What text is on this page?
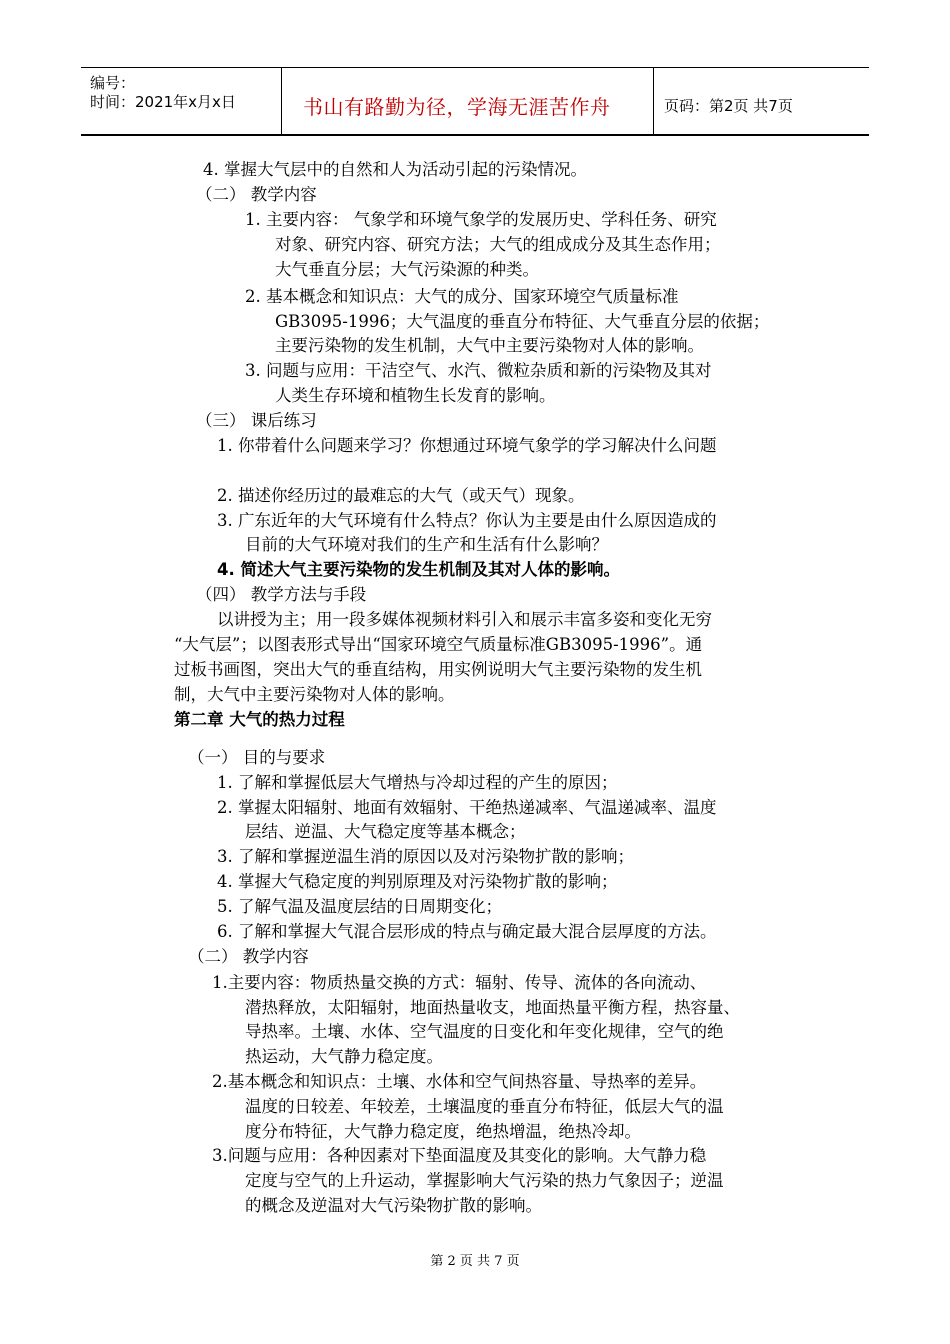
编号：
时间：2021年x月x日	书山有路勤为径，学海无涯苦作舟	页码：第2页 共7页
4. 掌握大气层中的自然和人为活动引起的污染情况。
（二） 教学内容
1. 主要内容： 气象学和环境气象学的发展历史、学科任务、研究
对象、研究内容、研究方法；大气的组成成分及其生态作用；
大气垂直分层；大气污染源的种类。
2. 基本概念和知识点：大气的成分、国家环境空气质量标准
GB3095-1996；大气温度的垂直分布特征、大气垂直分层的依据；
主要污染物的发生机制，大气中主要污染物对人体的影响。
3. 问题与应用：干洁空气、水汽、微粒杂质和新的污染物及其对
人类生存环境和植物生长发育的影响。
（三） 课后练习
1. 你带着什么问题来学习？你想通过环境气象学的学习解决什么问题
2. 描述你经历过的最难忘的大气（或天气）现象。
3. 广东近年的大气环境有什么特点？你认为主要是由什么原因造成的
目前的大气环境对我们的生产和生活有什么影响？
4. 简述大气主要污染物的发生机制及其对人体的影响。
（四） 教学方法与手段
以讲授为主；用一段多媒体视频材料引入和展示丰富多姿和变化无穷
“大气层”；以图表形式导出“国家环境空气质量标准GB3095-1996”。通
过板书画图，突出大气的垂直结构，用实例说明大气主要污染物的发生机
制，大气中主要污染物对人体的影响。
第二章 大气的热力过程
（一） 目的与要求
1. 了解和掌握低层大气增热与冷却过程的产生的原因；
2. 掌握太阳辐射、地面有效辐射、干绝热递减率、气温递减率、温度
层结、逆温、大气稳定度等基本概念；
3. 了解和掌握逆温生消的原因以及对污染物扩散的影响；
4. 掌握大气稳定度的判别原理及对污染物扩散的影响；
5. 了解气温及温度层结的日周期变化；
6. 了解和掌握大气混合层形成的特点与确定最大混合层厚度的方法。
（二） 教学内容
1.主要内容：物质热量交换的方式：辐射、传导、流体的各向流动、
潜热释放，太阳辐射，地面热量收支，地面热量平衡方程，热容量、
导热率。土壤、水体、空气温度的日变化和年变化规律，空气的绝
热运动，大气静力稳定度。
2.基本概念和知识点：土壤、水体和空气间热容量、导热率的差异。
温度的日较差、年较差，土壤温度的垂直分布特征，低层大气的温
度分布特征，大气静力稳定度，绝热增温，绝热冷却。
3.问题与应用：各种因素对下垫面温度及其变化的影响。大气静力稳
定度与空气的上升运动，掌握影响大气污染的热力气象因子；逆温
的概念及逆温对大气污染物扩散的影响。
第 2 页 共 7 页
